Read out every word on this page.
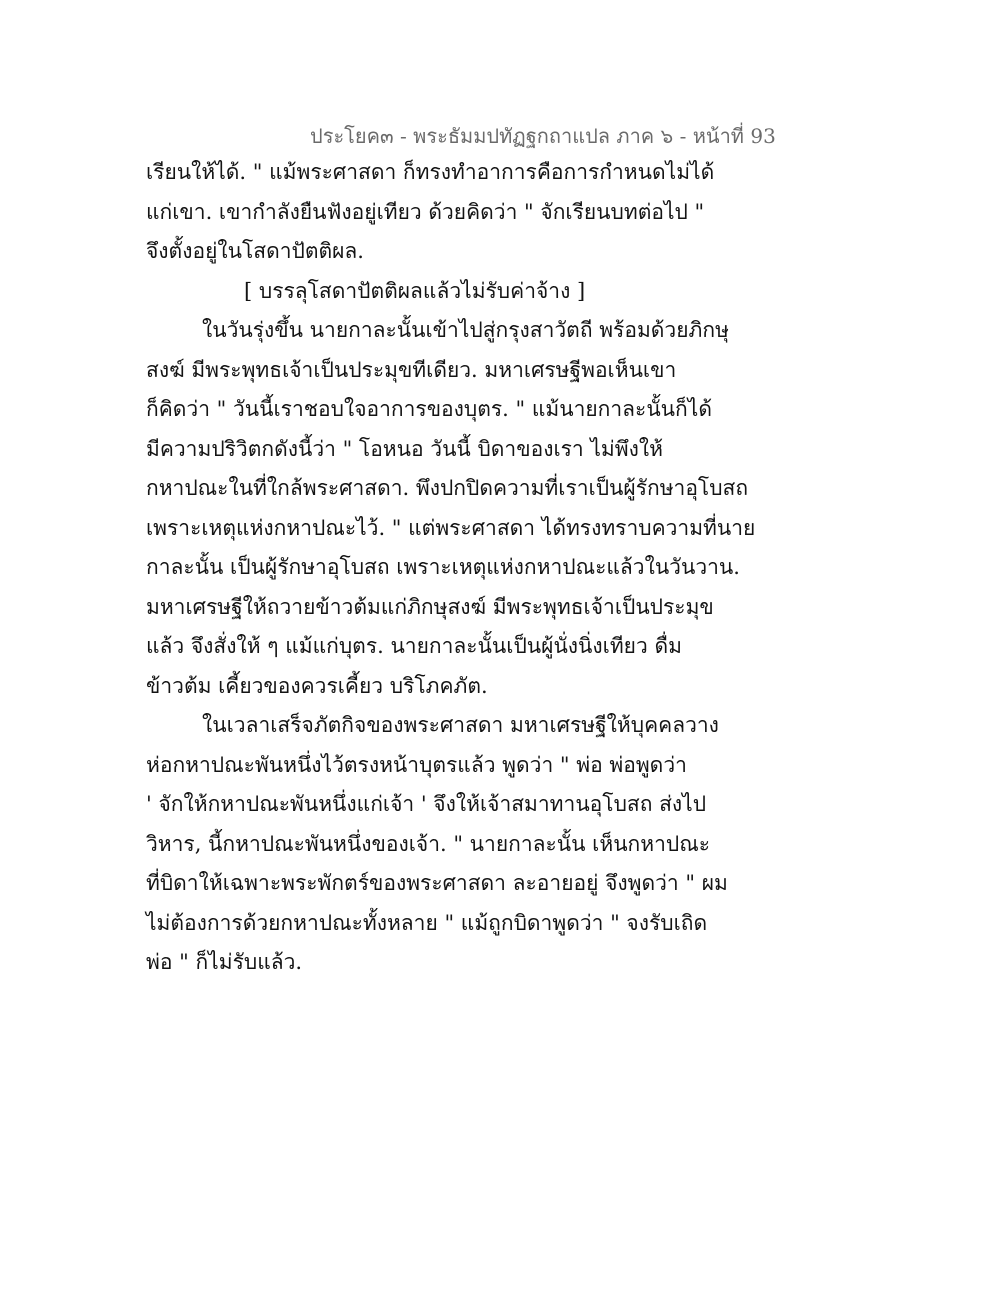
ประโยค๓ - พระธัมมปทัฏฐกถาแปล ภาค ๖ - หน้าที่ 93
เรียนให้ได้. " แม้พระศาสดา ก็ทรงทำอาการคือการกำหนดไม่ได้
แก่เขา. เขากำลังยืนฟังอยู่เทียว ด้วยคิดว่า " จักเรียนบทต่อไป "
จึงตั้งอยู่ในโสดาปัตติผล.
[ บรรลุโสดาปัตติผลแล้วไม่รับค่าจ้าง ]
ในวันรุ่งขึ้น นายกาละนั้นเข้าไปสู่กรุงสาวัตถี พร้อมด้วยภิกษุ
สงฆ์ มีพระพุทธเจ้าเป็นประมุขทีเดียว. มหาเศรษฐีพอเห็นเขา
ก็คิดว่า " วันนี้เราชอบใจอาการของบุตร. " แม้นายกาละนั้นก็ได้
มีความปริวิตกดังนี้ว่า " โอหนอ วันนี้ บิดาของเรา ไม่พึงให้
กหาปณะในที่ใกล้พระศาสดา. พึงปกปิดความที่เราเป็นผู้รักษาอุโบสถ
เพราะเหตุแห่งกหาปณะไว้. " แต่พระศาสดา ได้ทรงทราบความที่นาย
กาละนั้น เป็นผู้รักษาอุโบสถ เพราะเหตุแห่งกหาปณะแล้วในวันวาน.
มหาเศรษฐีให้ถวายข้าวต้มแก่ภิกษุสงฆ์ มีพระพุทธเจ้าเป็นประมุข
แล้ว จึงสั่งให้ ๆ แม้แก่บุตร. นายกาละนั้นเป็นผู้นั่งนิ่งเทียว ดื่ม
ข้าวต้ม เคี้ยวของควรเคี้ยว บริโภคภัต.
ในเวลาเสร็จภัตกิจของพระศาสดา มหาเศรษฐีให้บุคคลวาง
ห่อกหาปณะพันหนึ่งไว้ตรงหน้าบุตรแล้ว พูดว่า " พ่อ พ่อพูดว่า
' จักให้กหาปณะพันหนึ่งแก่เจ้า ' จึงให้เจ้าสมาทานอุโบสถ ส่งไป
วิหาร, นี้กหาปณะพันหนึ่งของเจ้า. " นายกาละนั้น เห็นกหาปณะ
ที่บิดาให้เฉพาะพระพักตร์ของพระศาสดา ละอายอยู่ จึงพูดว่า " ผม
ไม่ต้องการด้วยกหาปณะทั้งหลาย " แม้ถูกบิดาพูดว่า " จงรับเถิด
พ่อ " ก็ไม่รับแล้ว.
